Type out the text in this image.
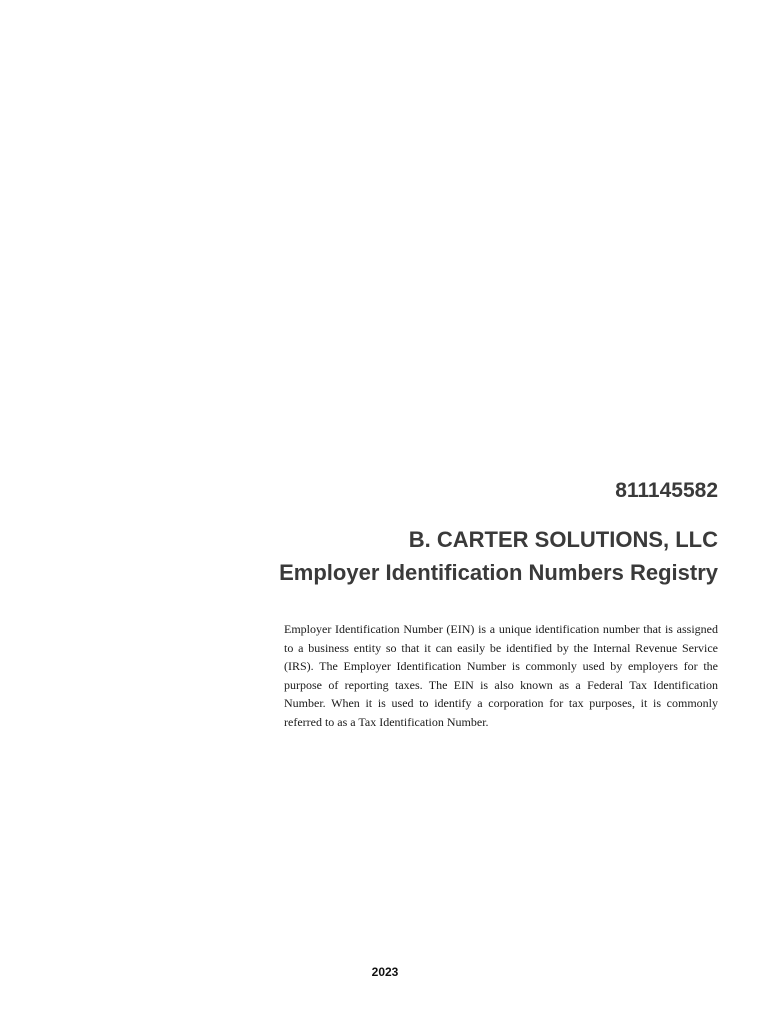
811145582
B. CARTER SOLUTIONS, LLC
Employer Identification Numbers Registry

Employer Identification Number (EIN) is a unique identification number that is assigned to a business entity so that it can easily be identified by the Internal Revenue Service (IRS). The Employer Identification Number is commonly used by employers for the purpose of reporting taxes. The EIN is also known as a Federal Tax Identification Number. When it is used to identify a corporation for tax purposes, it is commonly referred to as a Tax Identification Number.

2023
